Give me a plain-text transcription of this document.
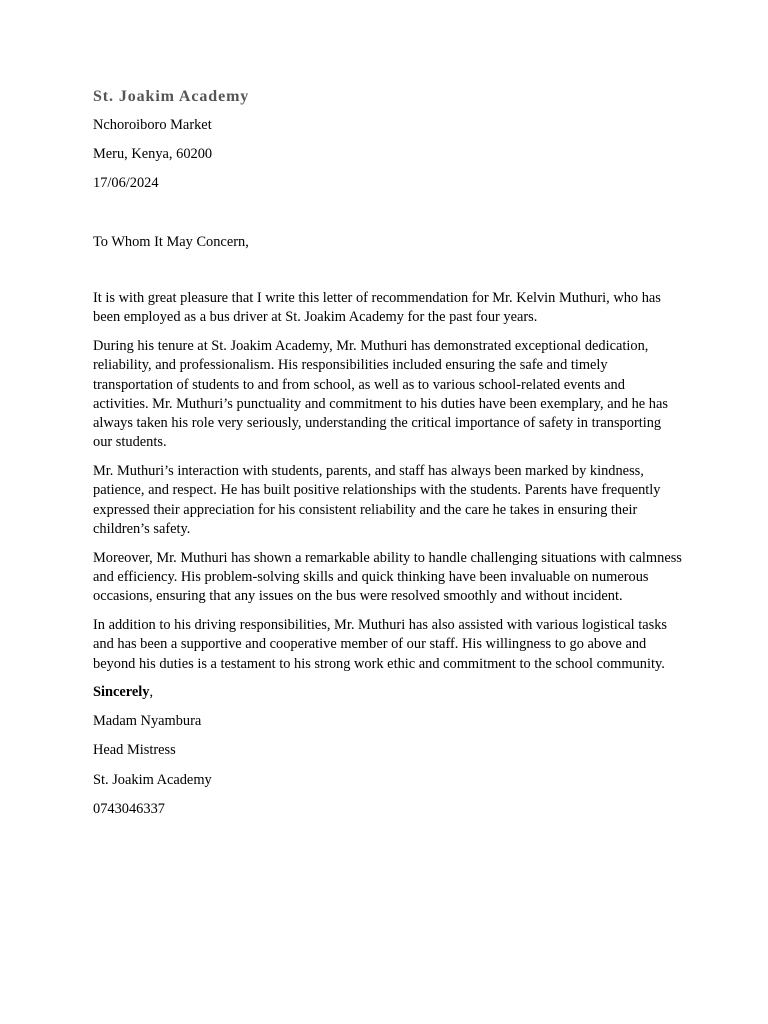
St. Joakim Academy
Nchoroiboro Market
Meru, Kenya, 60200
17/06/2024
To Whom It May Concern,

It is with great pleasure that I write this letter of recommendation for Mr. Kelvin Muthuri, who has been employed as a bus driver at St. Joakim Academy for the past four years.

During his tenure at St. Joakim Academy, Mr. Muthuri has demonstrated exceptional dedication, reliability, and professionalism. His responsibilities included ensuring the safe and timely transportation of students to and from school, as well as to various school-related events and activities. Mr. Muthuri’s punctuality and commitment to his duties have been exemplary, and he has always taken his role very seriously, understanding the critical importance of safety in transporting our students.

Mr. Muthuri’s interaction with students, parents, and staff has always been marked by kindness, patience, and respect. He has built positive relationships with the students. Parents have frequently expressed their appreciation for his consistent reliability and the care he takes in ensuring their children’s safety.

Moreover, Mr. Muthuri has shown a remarkable ability to handle challenging situations with calmness and efficiency. His problem-solving skills and quick thinking have been invaluable on numerous occasions, ensuring that any issues on the bus were resolved smoothly and without incident.

In addition to his driving responsibilities, Mr. Muthuri has also assisted with various logistical tasks and has been a supportive and cooperative member of our staff. His willingness to go above and beyond his duties is a testament to his strong work ethic and commitment to the school community.

Sincerely,
Madam Nyambura
Head Mistress
St. Joakim Academy
0743046337
